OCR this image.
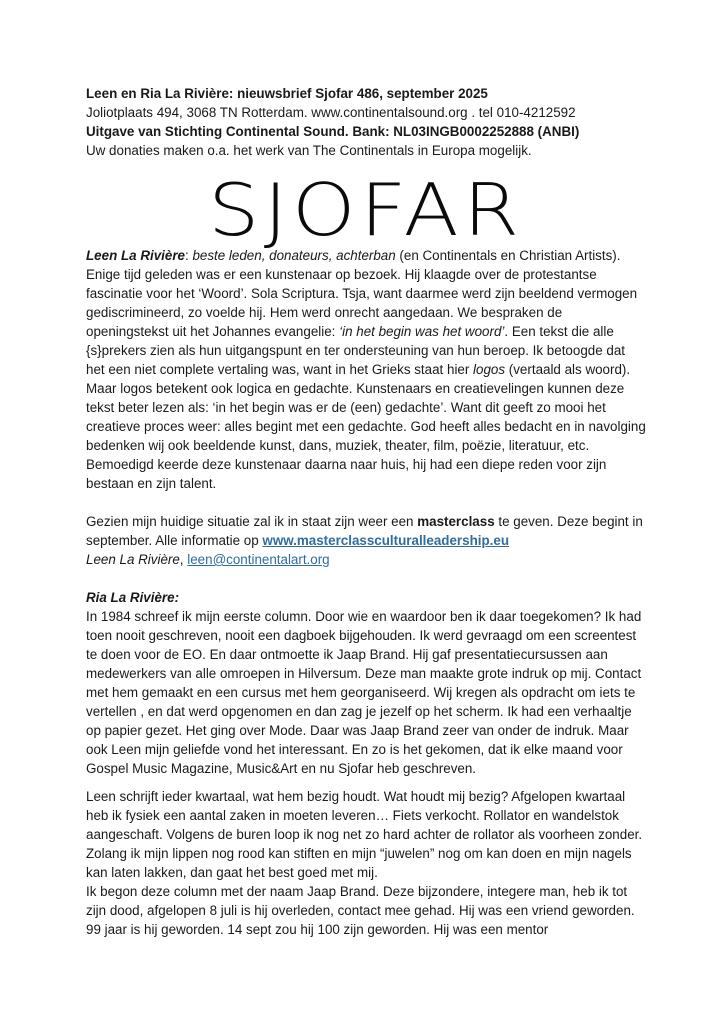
Leen en Ria La Rivière: nieuwsbrief Sjofar 486, september 2025
Joliotplaats 494, 3068 TN Rotterdam. www.continentalsound.org . tel 010-4212592
Uitgave van Stichting Continental Sound. Bank: NL03INGB0002252888 (ANBI)
Uw donaties maken o.a. het werk van The Continentals in Europa mogelijk.
SJOFAR

Leen La Rivière: beste leden, donateurs, achterban (en Continentals en Christian Artists).

Enige tijd geleden was er een kunstenaar op bezoek. Hij klaagde over de protestantse fascinatie voor het ‘Woord’. Sola Scriptura. Tsja, want daarmee werd zijn beeldend vermogen gediscrimineerd, zo voelde hij. Hem werd onrecht aangedaan. We bespraken de openingstekst uit het Johannes evangelie: ‘in het begin was het woord’. Een tekst die alle {s}prekers zien als hun uitgangspunt en ter ondersteuning van hun beroep. Ik betoogde dat het een niet complete vertaling was, want in het Grieks staat hier logos (vertaald als woord). Maar logos betekent ook logica en gedachte. Kunstenaars en creatievelingen kunnen deze tekst beter lezen als: ‘in het begin was er de (een) gedachte’. Want dit geeft zo mooi het creatieve proces weer: alles begint met een gedachte. God heeft alles bedacht en in navolging bedenken wij ook beeldende kunst, dans, muziek, theater, film, poëzie, literatuur, etc. Bemoedigd keerde deze kunstenaar daarna naar huis, hij had een diepe reden voor zijn bestaan en zijn talent.

Gezien mijn huidige situatie zal ik in staat zijn weer een masterclass te geven. Deze begint in september. Alle informatie op www.masterclassculturalleadership.eu

Leen La Rivière, leen@continentalart.org

Ria La Rivière:

In 1984 schreef ik mijn eerste column. Door wie en waardoor ben ik daar toegekomen? Ik had toen nooit geschreven, nooit een dagboek bijgehouden. Ik werd gevraagd om een screentest te doen voor de EO. En daar ontmoette ik Jaap Brand. Hij gaf presentatiecursussen aan medewerkers van alle omroepen in Hilversum. Deze man maakte grote indruk op mij. Contact met hem gemaakt en een cursus met hem georganiseerd. Wij kregen als opdracht om iets te vertellen , en dat werd opgenomen en dan zag je jezelf op het scherm. Ik had een verhaaltje op papier gezet. Het ging over Mode. Daar was Jaap Brand zeer van onder de indruk. Maar ook Leen mijn geliefde vond het interessant. En zo is het gekomen, dat ik elke maand voor Gospel Music Magazine, Music&Art en nu Sjofar heb geschreven.

Leen schrijft ieder kwartaal, wat hem bezig houdt. Wat houdt mij bezig? Afgelopen kwartaal heb ik fysiek een aantal zaken in moeten leveren… Fiets verkocht. Rollator en wandelstok aangeschaft. Volgens de buren loop ik nog net zo hard achter de rollator als voorheen zonder. Zolang ik mijn lippen nog rood kan stiften en mijn “juwelen” nog om kan doen en mijn nagels kan laten lakken, dan gaat het best goed met mij.

Ik begon deze column met der naam Jaap Brand. Deze bijzondere, integere man, heb ik tot zijn dood, afgelopen 8 juli is hij overleden, contact mee gehad. Hij was een vriend geworden. 99 jaar is hij geworden. 14 sept zou hij 100 zijn geworden. Hij was een mentor
